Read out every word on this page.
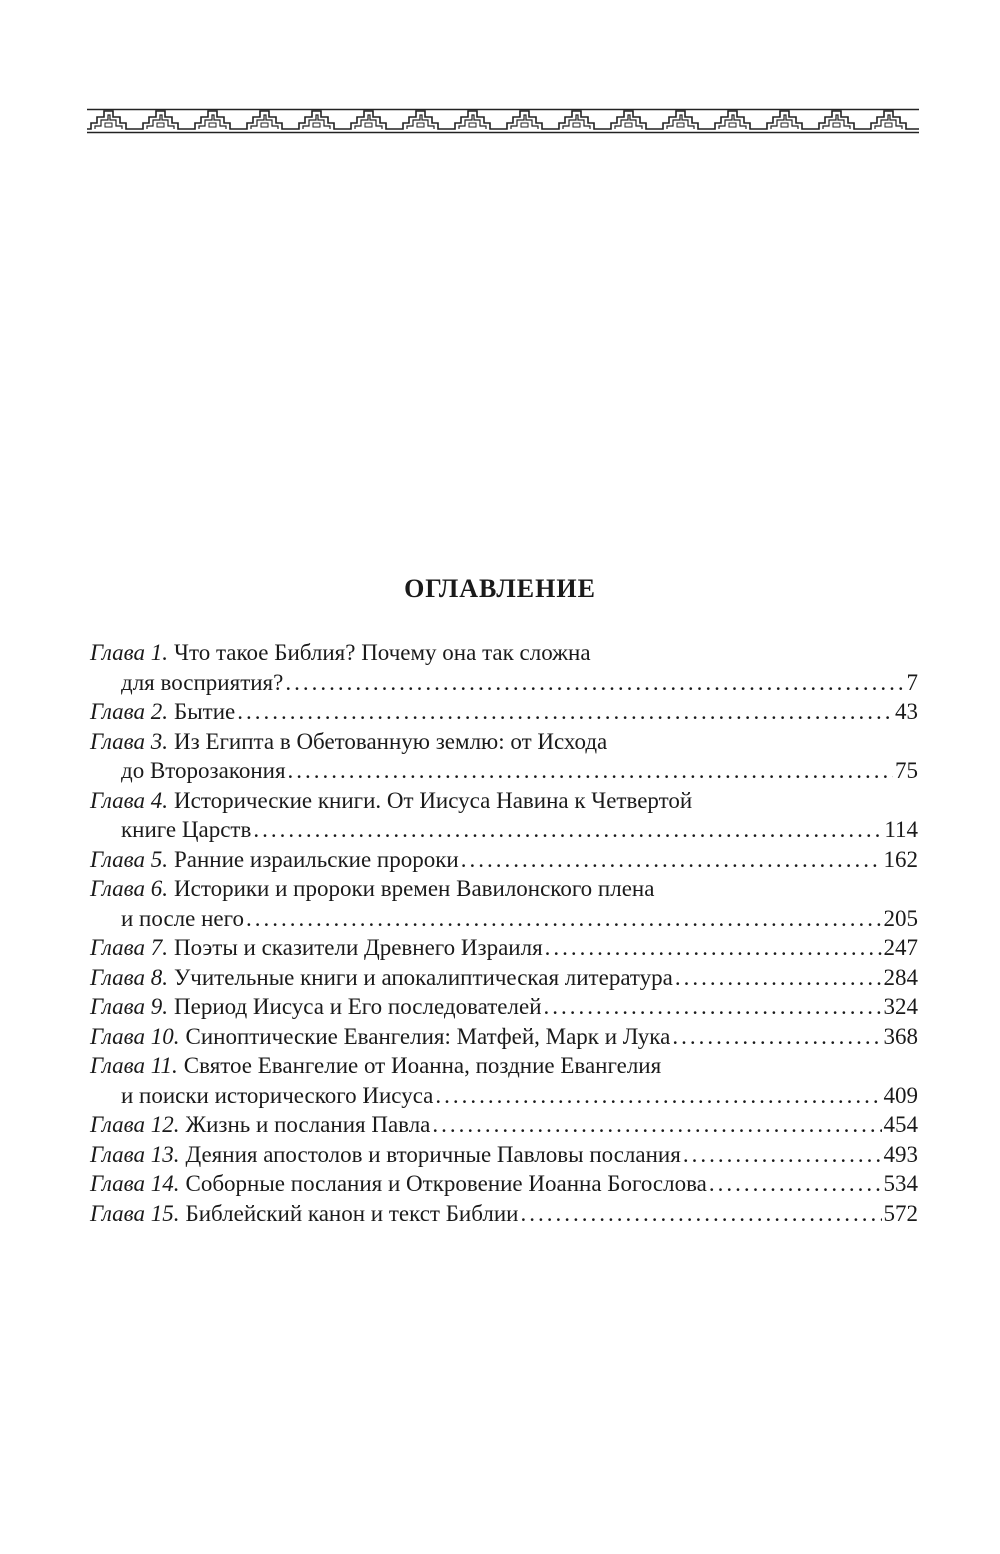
ОГЛАВЛЕНИЕ
Глава 1. Что такое Библия? Почему она так сложна
для восприятия? .....	7
Глава 2. Бытие .....	43
Глава 3. Из Египта в Обетованную землю: от Исхода
до Второзакония .....	75
Глава 4. Исторические книги. От Иисуса Навина к Четвертой
книге Царств .....	114
Глава 5. Ранние израильские пророки .....	162
Глава 6. Историки и пророки времен Вавилонского плена
и после него .....	205
Глава 7. Поэты и сказители Древнего Израиля .....	247
Глава 8. Учительные книги и апокалиптическая литература .....	284
Глава 9. Период Иисуса и Его последователей .....	324
Глава 10. Синоптические Евангелия: Матфей, Марк и Лука .....	368
Глава 11. Святое Евангелие от Иоанна, поздние Евангелия
и поиски исторического Иисуса .....	409
Глава 12. Жизнь и послания Павла .....	454
Глава 13. Деяния апостолов и вторичные Павловы послания .....	493
Глава 14. Соборные послания и Откровение Иоанна Богослова .....	534
Глава 15. Библейский канон и текст Библии .....	572
